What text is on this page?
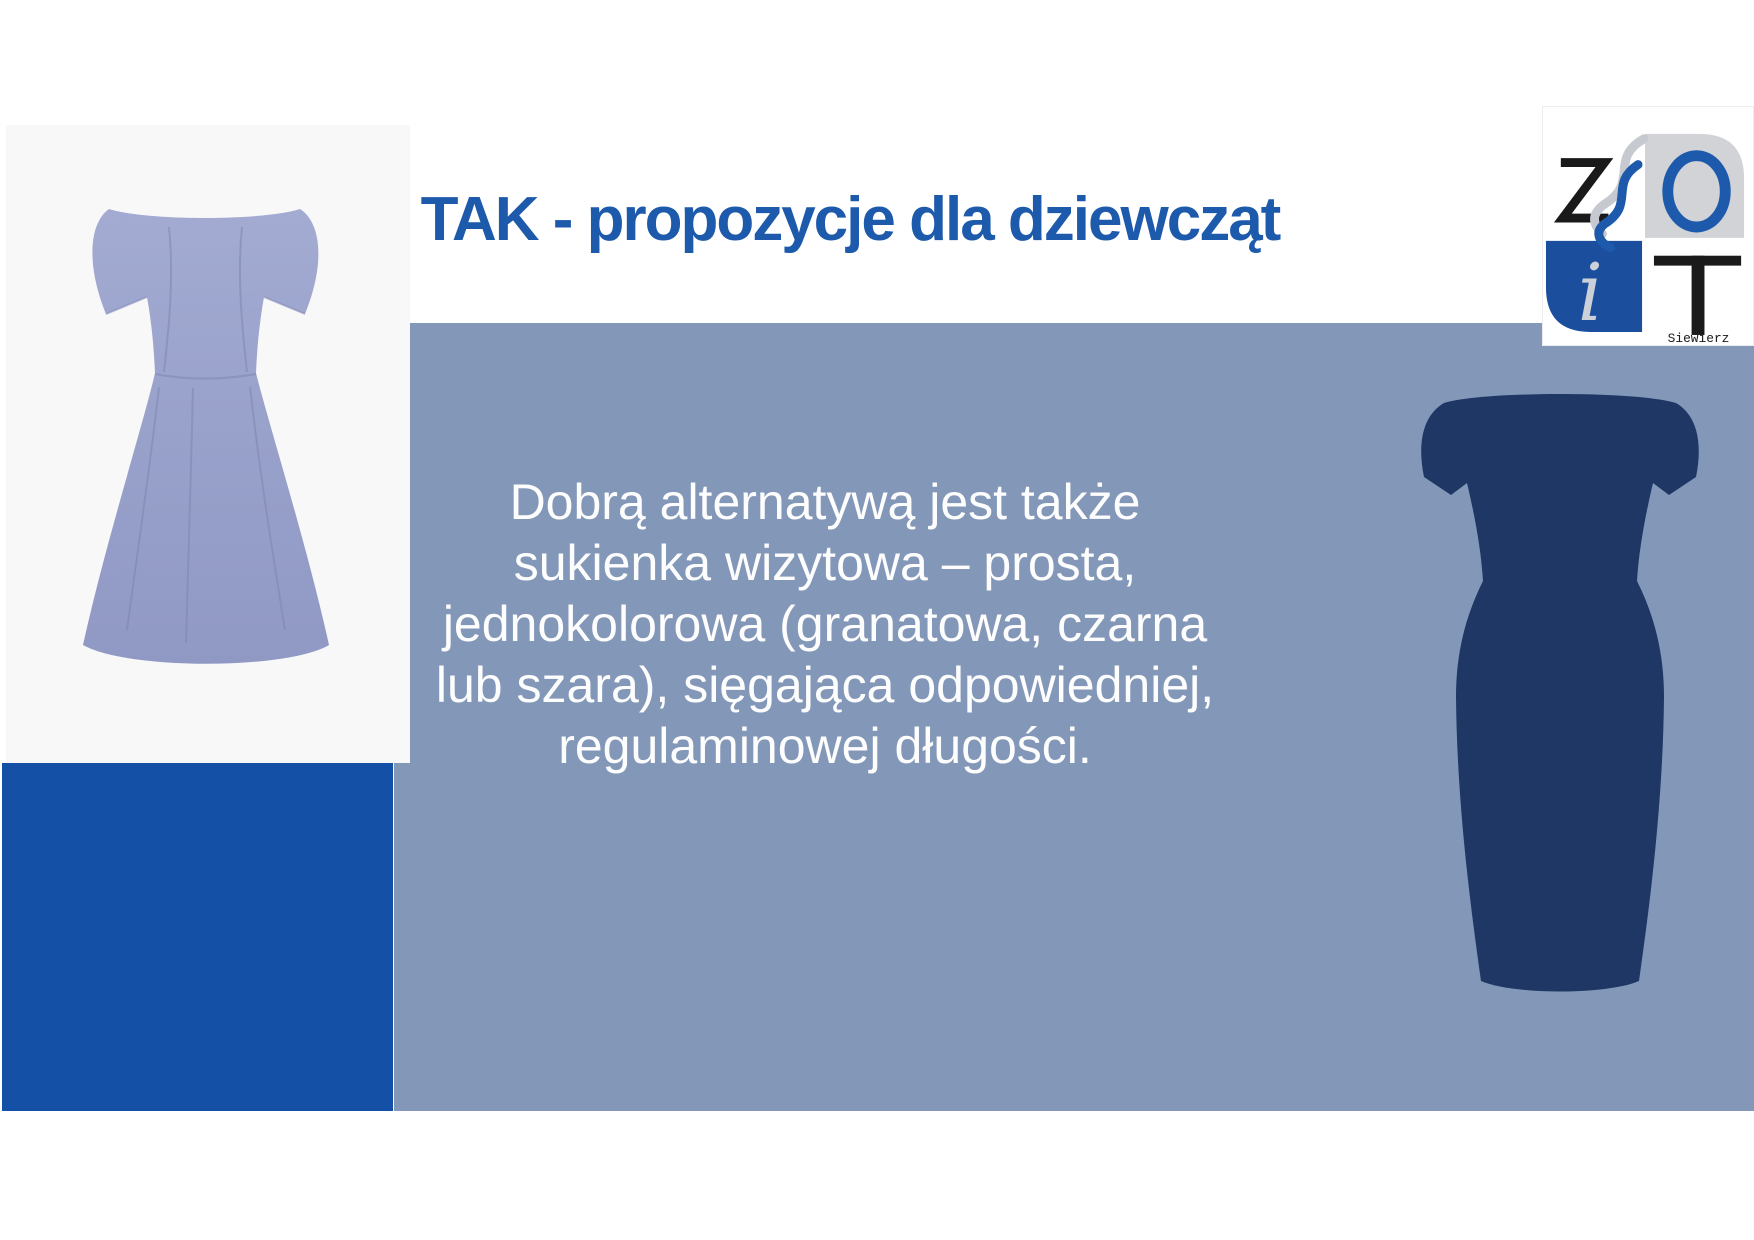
TAK - propozycje dla dziewcząt
Dobrą alternatywą jest także
sukienka wizytowa – prosta,
jednokolorowa (granatowa, czarna
lub szara), sięgająca odpowiedniej,
regulaminowej długości.
i	Siewierz
